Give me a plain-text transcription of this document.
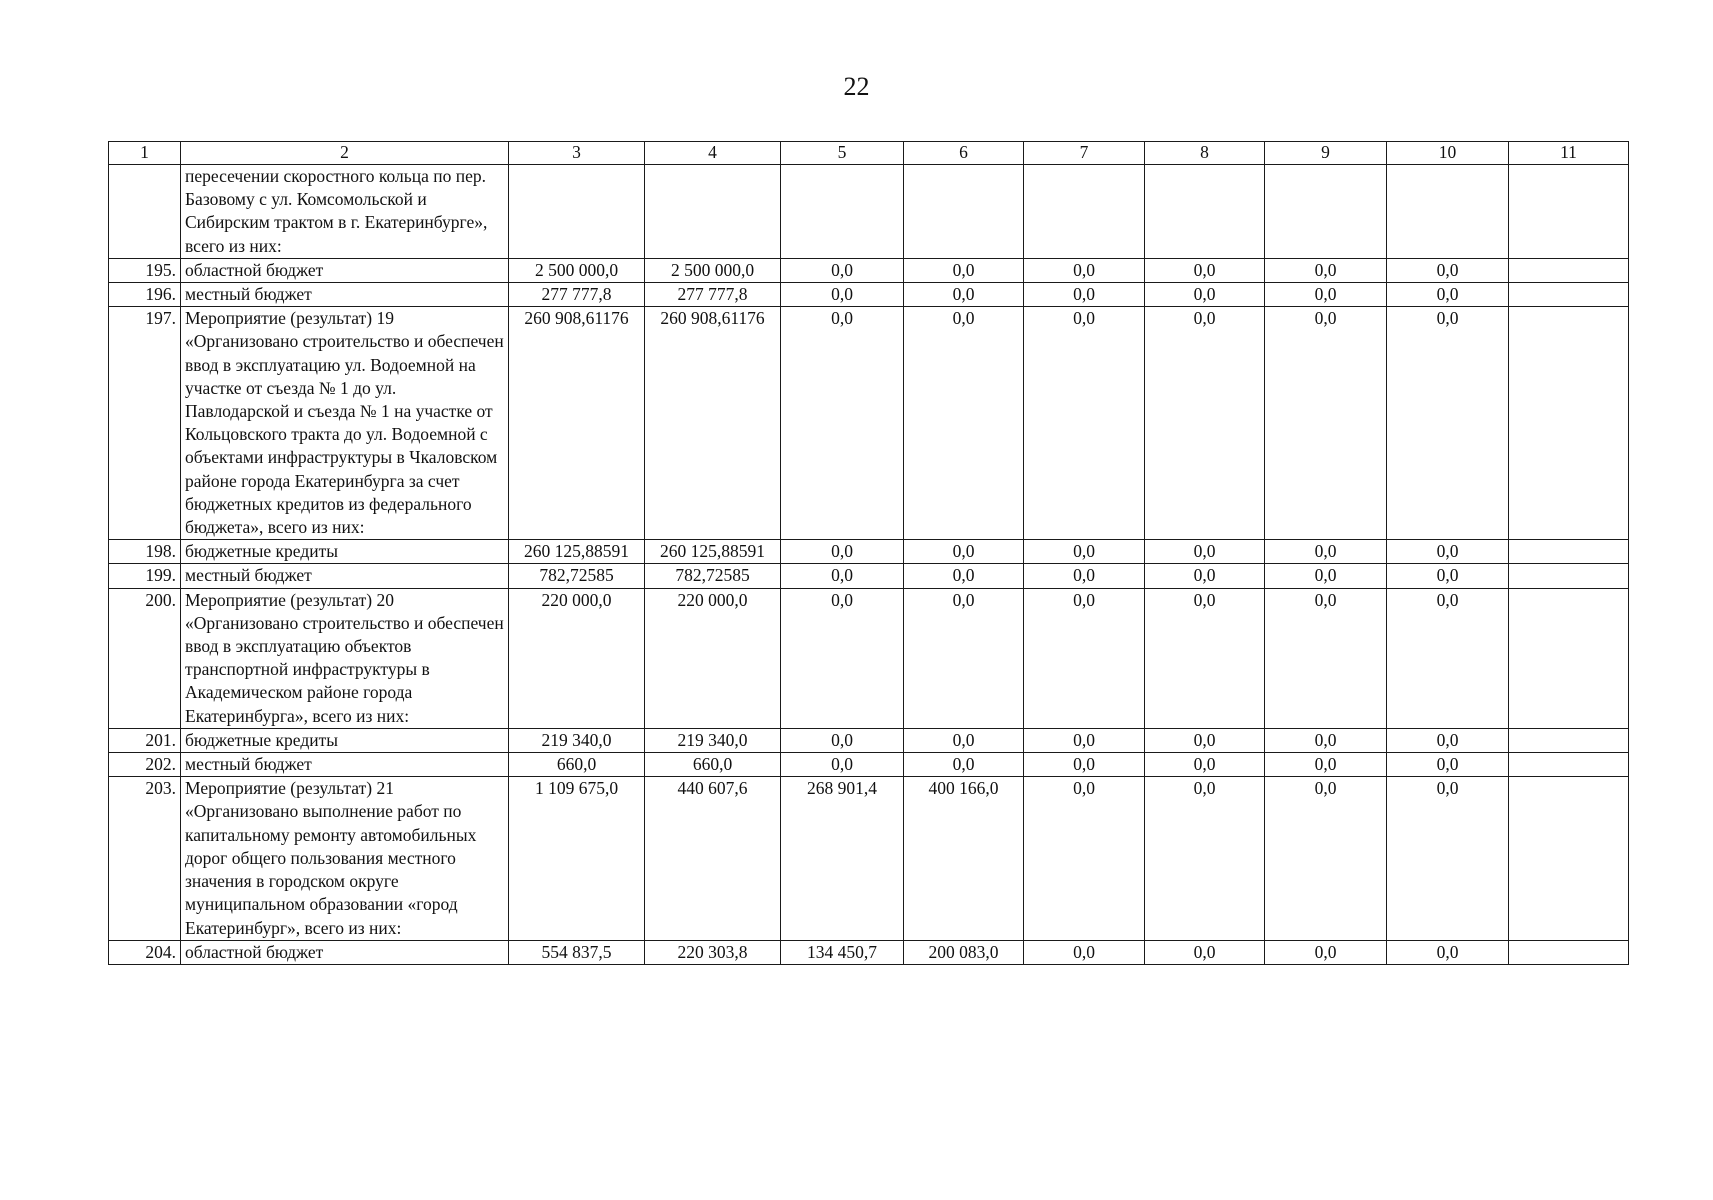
22
1	2	3	4	5	6	7	8	9	10	11
	пересечении скоростного кольца по пер. Базовому с ул. Комсомольской и Сибирским трактом в г. Екатеринбурге», всего из них:									
195.	областной бюджет	2 500 000,0	2 500 000,0	0,0	0,0	0,0	0,0	0,0	0,0	
196.	местный бюджет	277 777,8	277 777,8	0,0	0,0	0,0	0,0	0,0	0,0	
197.	Мероприятие (результат) 19 «Организовано строительство и обеспечен ввод в эксплуатацию ул. Водоемной на участке от съезда № 1 до ул. Павлодарской и съезда № 1 на участке от Кольцовского тракта до ул. Водоемной с объектами инфраструктуры в Чкаловском районе города Екатеринбурга за счет бюджетных кредитов из федерального бюджета», всего из них:	260 908,61176	260 908,61176	0,0	0,0	0,0	0,0	0,0	0,0	
198.	бюджетные кредиты	260 125,88591	260 125,88591	0,0	0,0	0,0	0,0	0,0	0,0	
199.	местный бюджет	782,72585	782,72585	0,0	0,0	0,0	0,0	0,0	0,0	
200.	Мероприятие (результат) 20 «Организовано строительство и обеспечен ввод в эксплуатацию объектов транспортной инфраструктуры в Академическом районе города Екатеринбурга», всего из них:	220 000,0	220 000,0	0,0	0,0	0,0	0,0	0,0	0,0	
201.	бюджетные кредиты	219 340,0	219 340,0	0,0	0,0	0,0	0,0	0,0	0,0	
202.	местный бюджет	660,0	660,0	0,0	0,0	0,0	0,0	0,0	0,0	
203.	Мероприятие (результат) 21 «Организовано выполнение работ по капитальному ремонту автомобильных дорог общего пользования местного значения в городском округе муниципальном образовании «город Екатеринбург», всего из них:	1 109 675,0	440 607,6	268 901,4	400 166,0	0,0	0,0	0,0	0,0	
204.	областной бюджет	554 837,5	220 303,8	134 450,7	200 083,0	0,0	0,0	0,0	0,0	
